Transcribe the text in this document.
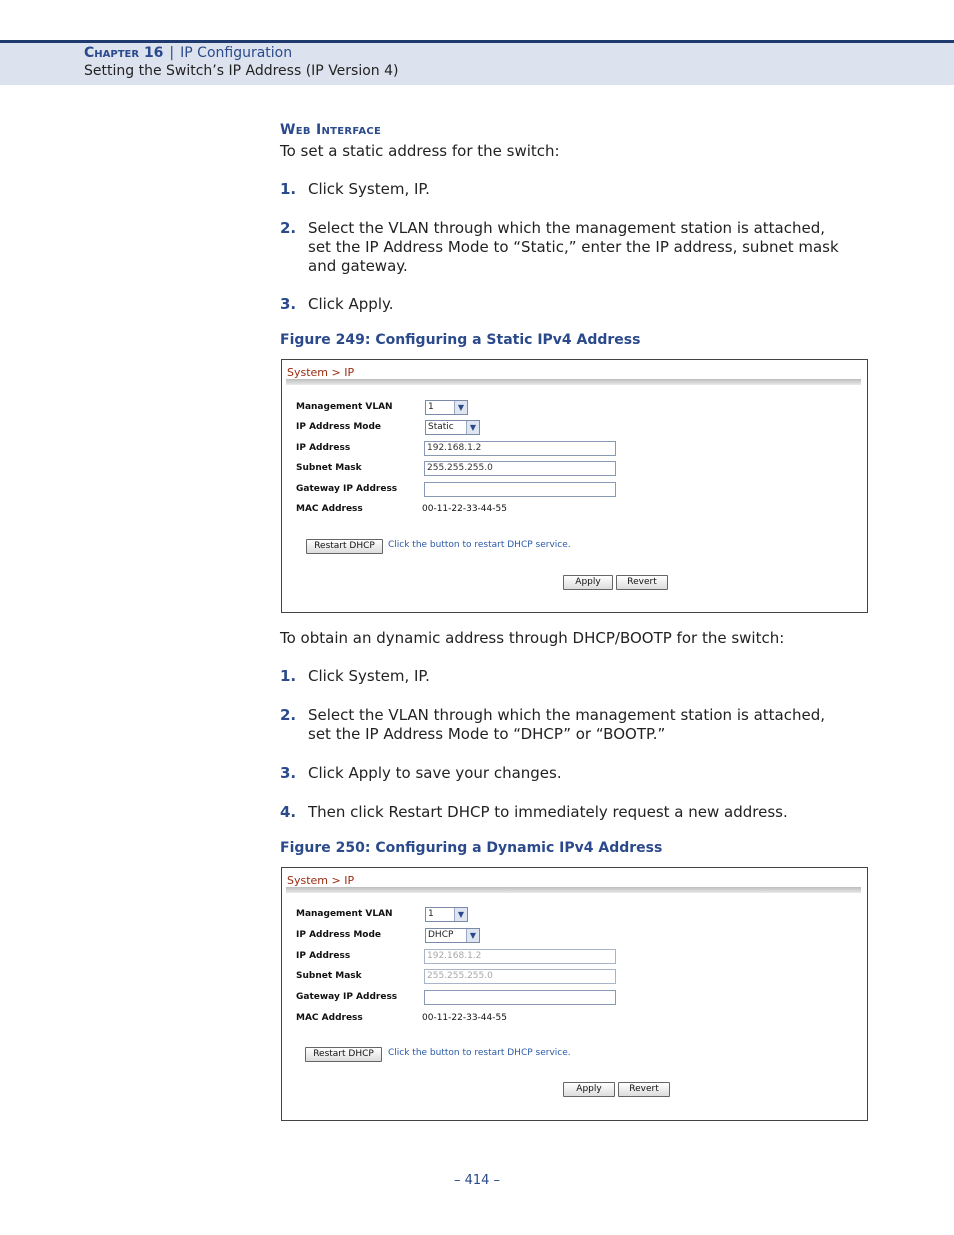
Chapter 16 | IP Configuration
Setting the Switch’s IP Address (IP Version 4)
Web Interface
To set a static address for the switch:
1. Click System, IP.
2. Select the VLAN through which the management station is attached,
set the IP Address Mode to “Static,” enter the IP address, subnet mask
and gateway.
3. Click Apply.
Figure 249: Configuring a Static IPv4 Address
System > IP
Management VLAN	1	▼
IP Address Mode	Static	▼
IP Address	192.168.1.2
Subnet Mask	255.255.255.0
Gateway IP Address
MAC Address	00-11-22-33-44-55
Restart DHCP	Click the button to restart DHCP service.
Apply	Revert
To obtain an dynamic address through DHCP/BOOTP for the switch:
1. Click System, IP.
2. Select the VLAN through which the management station is attached,
set the IP Address Mode to “DHCP” or “BOOTP.”
3. Click Apply to save your changes.
4. Then click Restart DHCP to immediately request a new address.
Figure 250: Configuring a Dynamic IPv4 Address
System > IP
Management VLAN	1	▼
IP Address Mode	DHCP	▼
IP Address	192.168.1.2
Subnet Mask	255.255.255.0
Gateway IP Address
MAC Address	00-11-22-33-44-55
Restart DHCP	Click the button to restart DHCP service.
Apply	Revert
– 414 –
